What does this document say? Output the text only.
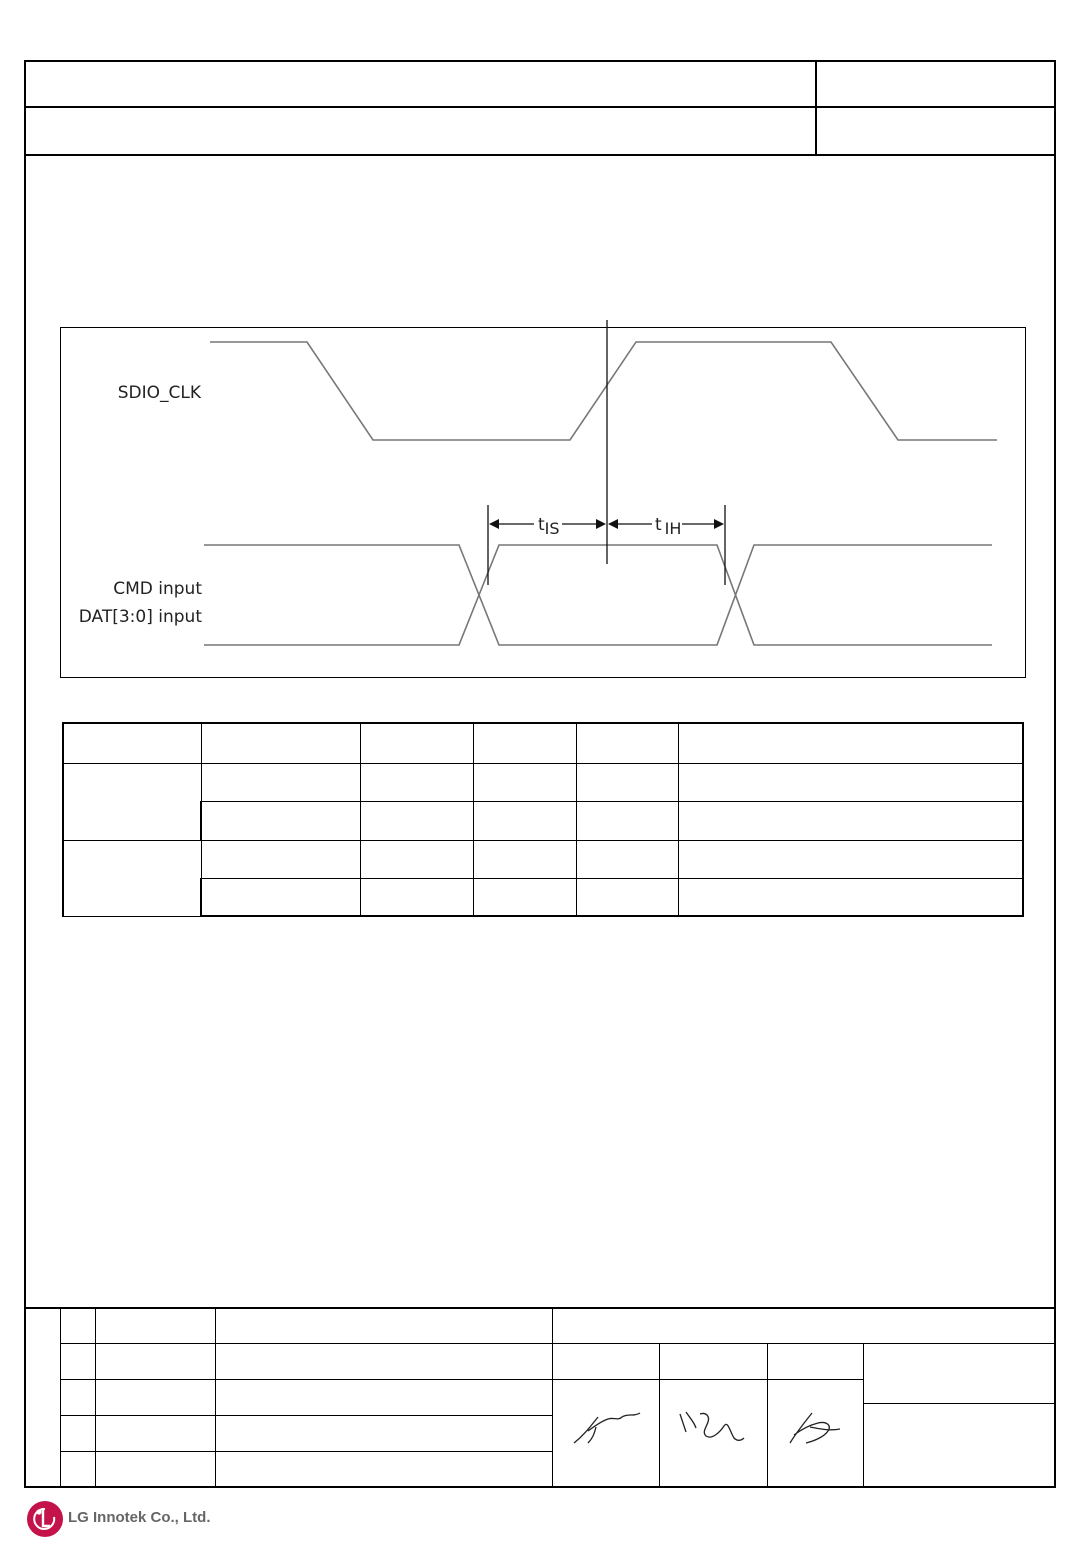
tIS	t IH
SDIO_CLK
CMD input
DAT[3:0] input

LG Innotek Co., Ltd.
